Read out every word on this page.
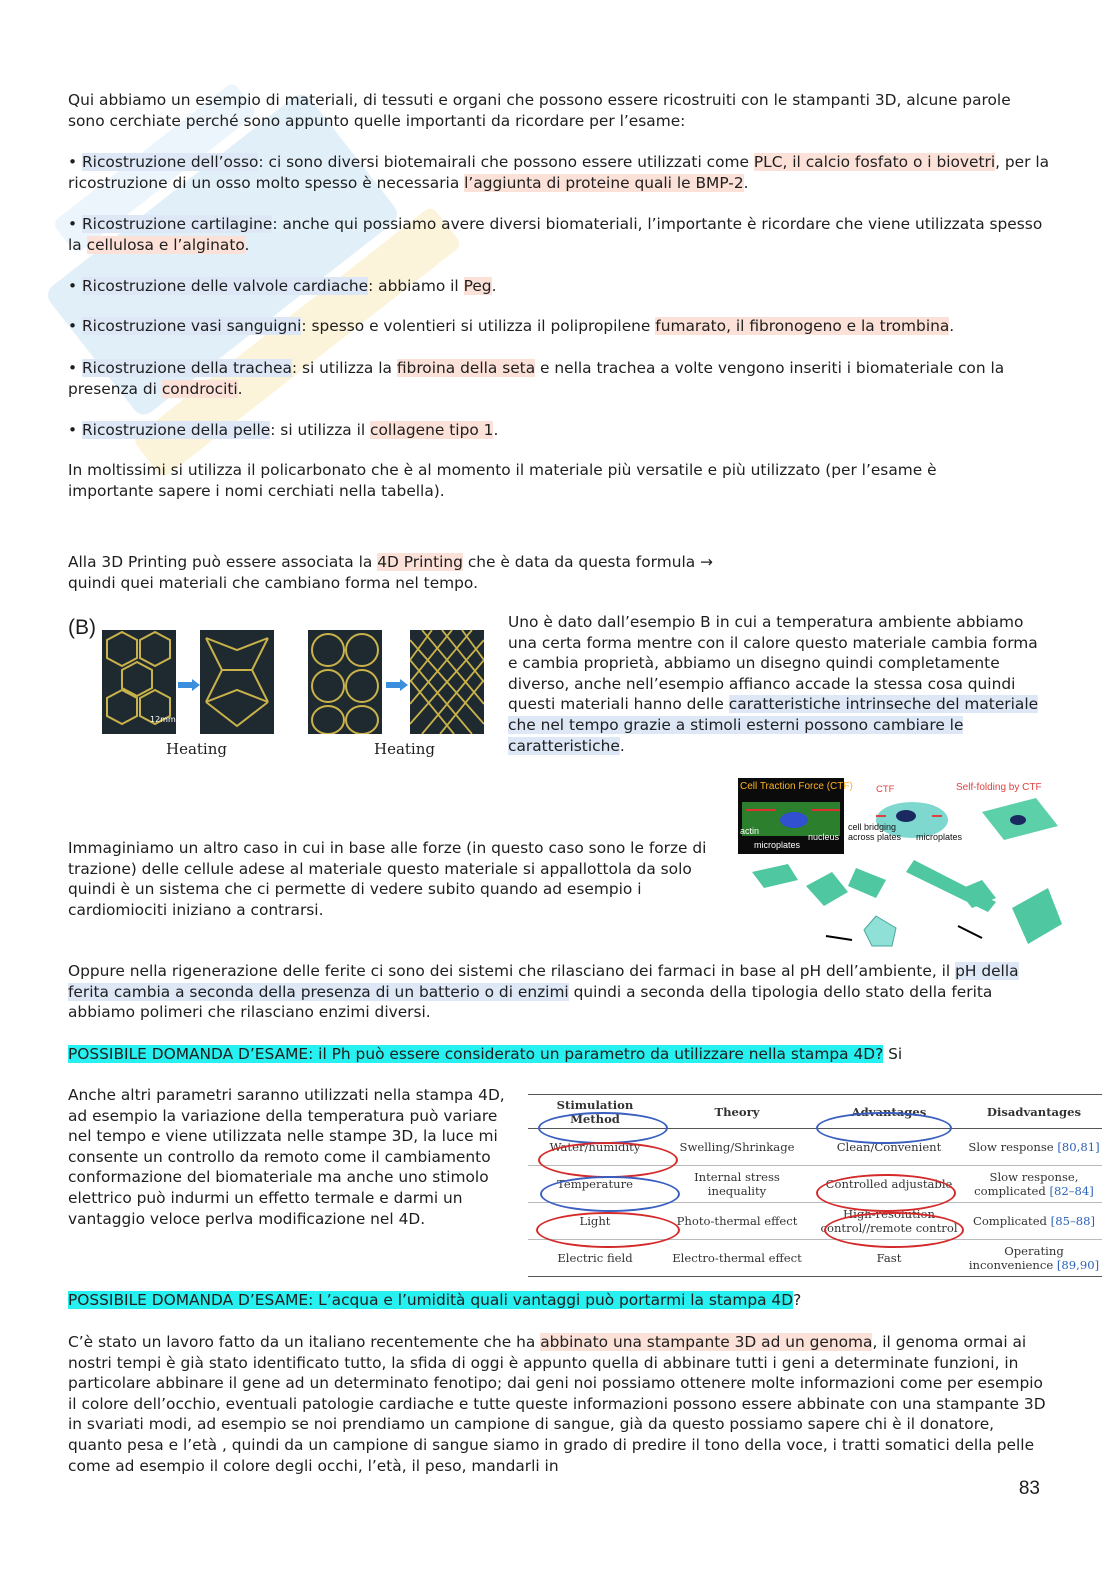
Qui abbiamo un esempio di materiali, di tessuti e organi che possono essere ricostruiti con le stampanti 3D, alcune parole sono cerchiate perché sono appunto quelle importanti da ricordare per l’esame:

• Ricostruzione dell’osso: ci sono diversi biotemairali che possono essere utilizzati come PLC, il calcio fosfato o i biovetri, per la ricostruzione di un osso molto spesso è necessaria l’aggiunta di proteine quali le BMP-2.

• Ricostruzione cartilagine: anche qui possiamo avere diversi biomateriali, l’importante è ricordare che viene utilizzata spesso la cellulosa e l’alginato.

• Ricostruzione delle valvole cardiache: abbiamo il Peg.

• Ricostruzione vasi sanguigni: spesso e volentieri si utilizza il polipropilene fumarato, il fibronogeno e la trombina.

• Ricostruzione della trachea: si utilizza la fibroina della seta e nella trachea a volte vengono inseriti i biomateriale con la presenza di condrociti.

• Ricostruzione della pelle: si utilizza il collagene tipo 1.

In moltissimi si utilizza il policarbonato che è al momento il materiale più versatile e più utilizzato (per l’esame è importante sapere i nomi cerchiati nella tabella).

Alla 3D Printing può essere associata la 4D Printing che è data da questa formula → quindi quei materiali che cambiano forma nel tempo.

(B)
12mm
Heating	Heating

Uno è dato dall’esempio B in cui a temperatura ambiente abbiamo una certa forma mentre con il calore questo materiale cambia forma e cambia proprietà, abbiamo un disegno quindi completamente diverso, anche nell’esempio affianco accade la stessa cosa quindi questi materiali hanno delle caratteristiche intrinseche del materiale che nel tempo grazie a stimoli esterni possono cambiare le caratteristiche.

Cell Traction Force (CTF)
actin
nucleus
microplates
CTF
cell bridging
across plates microplates
Self-folding by CTF

Immaginiamo un altro caso in cui in base alle forze (in questo caso sono le forze di trazione) delle cellule adese al materiale questo materiale si appallottola da solo quindi è un sistema che ci permette di vedere subito quando ad esempio i cardiomiociti iniziano a contrarsi.

Oppure nella rigenerazione delle ferite ci sono dei sistemi che rilasciano dei farmaci in base al pH dell’ambiente, il pH della ferita cambia a seconda della presenza di un batterio o di enzimi quindi a seconda della tipologia dello stato della ferita abbiamo polimeri che rilasciano enzimi diversi.

POSSIBILE DOMANDA D’ESAME: il Ph può essere considerato un parametro da utilizzare nella stampa 4D? Si

Anche altri parametri saranno utilizzati nella stampa 4D, ad esempio la variazione della temperatura può variare nel tempo e viene utilizzata nelle stampe 3D, la luce mi consente un controllo da remoto come il cambiamento conformazione del biomateriale ma anche uno stimolo elettrico può indurmi un effetto termale e darmi un vantaggio veloce perlva modificazione nel 4D.

Stimulation Method	Theory	Advantages	Disadvantages
Water/humidity	Swelling/Shrinkage	Clean/Convenient	Slow response [80,81]
Temperature	Internal stress inequality	Controlled adjustable	Slow response, complicated [82–84]
Light	Photo-thermal effect	High-resolution control//remote control	Complicated [85–88]
Electric field	Electro-thermal effect	Fast	Operating inconvenience [89,90]

POSSIBILE DOMANDA D’ESAME: L’acqua e l’umidità quali vantaggi può portarmi la stampa 4D?

C’è stato un lavoro fatto da un italiano recentemente che ha abbinato una stampante 3D ad un genoma, il genoma ormai ai nostri tempi è già stato identificato tutto, la sfida di oggi è appunto quella di abbinare tutti i geni a determinate funzioni, in particolare abbinare il gene ad un determinato fenotipo; dai geni noi possiamo ottenere molte informazioni come per esempio il colore dell’occhio, eventuali patologie cardiache e tutte queste informazioni possono essere abbinate con una stampante 3D in svariati modi, ad esempio se noi prendiamo un campione di sangue, già da questo possiamo sapere chi è il donatore, quanto pesa e l’età , quindi da un campione di sangue siamo in grado di predire il tono della voce, i tratti somatici della pelle come ad esempio il colore degli occhi, l’età, il peso, mandarli in

83
